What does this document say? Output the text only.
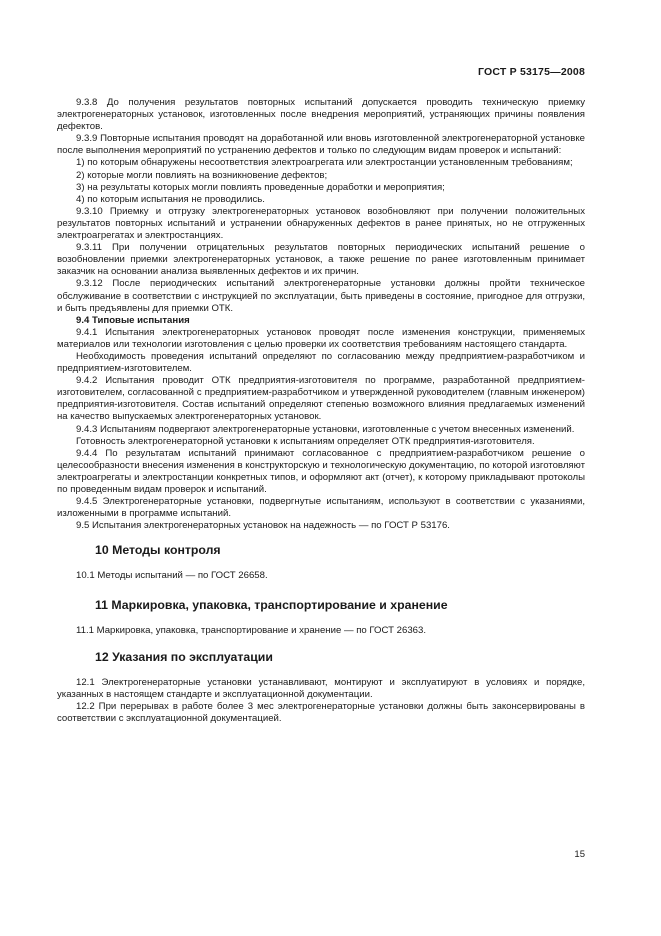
ГОСТ Р 53175—2008

9.3.8 До получения результатов повторных испытаний допускается проводить техническую приемку электрогенераторных установок, изготовленных после внедрения мероприятий, устраняющих причины появления дефектов.

9.3.9 Повторные испытания проводят на доработанной или вновь изготовленной электрогенераторной установке после выполнения мероприятий по устранению дефектов и только по следующим видам проверок и испытаний:

1) по которым обнаружены несоответствия электроагрегата или электростанции установленным требованиям;

2) которые могли повлиять на возникновение дефектов;

3) на результаты которых могли повлиять проведенные доработки и мероприятия;

4) по которым испытания не проводились.

9.3.10 Приемку и отгрузку электрогенераторных установок возобновляют при получении положительных результатов повторных испытаний и устранении обнаруженных дефектов в ранее принятых, но не отгруженных электроагрегатах и электростанциях.

9.3.11 При получении отрицательных результатов повторных периодических испытаний решение о возобновлении приемки электрогенераторных установок, а также решение по ранее изготовленным принимает заказчик на основании анализа выявленных дефектов и их причин.

9.3.12 После периодических испытаний электрогенераторные установки должны пройти техническое обслуживание в соответствии с инструкцией по эксплуатации, быть приведены в состояние, пригодное для отгрузки, и быть предъявлены для приемки ОТК.

9.4 Типовые испытания

9.4.1 Испытания электрогенераторных установок проводят после изменения конструкции, применяемых материалов или технологии изготовления с целью проверки их соответствия требованиям настоящего стандарта.

Необходимость проведения испытаний определяют по согласованию между предприятием-разработчиком и предприятием-изготовителем.

9.4.2 Испытания проводит ОТК предприятия-изготовителя по программе, разработанной предприятием-изготовителем, согласованной с предприятием-разработчиком и утвержденной руководителем (главным инженером) предприятия-изготовителя. Состав испытаний определяют степенью возможного влияния предлагаемых изменений на качество выпускаемых электрогенераторных установок.

9.4.3 Испытаниям подвергают электрогенераторные установки, изготовленные с учетом внесенных изменений.

Готовность электрогенераторной установки к испытаниям определяет ОТК предприятия-изготовителя.

9.4.4 По результатам испытаний принимают согласованное с предприятием-разработчиком решение о целесообразности внесения изменения в конструкторскую и технологическую документацию, по которой изготовляют электроагрегаты и электростанции конкретных типов, и оформляют акт (отчет), к которому прикладывают протоколы по проведенным видам проверок и испытаний.

9.4.5 Электрогенераторные установки, подвергнутые испытаниям, используют в соответствии с указаниями, изложенными в программе испытаний.

9.5 Испытания электрогенераторных установок на надежность — по ГОСТ Р 53176.

10 Методы контроля

10.1 Методы испытаний — по ГОСТ 26658.

11 Маркировка, упаковка, транспортирование и хранение

11.1 Маркировка, упаковка, транспортирование и хранение — по ГОСТ 26363.

12 Указания по эксплуатации

12.1 Электрогенераторные установки устанавливают, монтируют и эксплуатируют в условиях и порядке, указанных в настоящем стандарте и эксплуатационной документации.

12.2 При перерывах в работе более 3 мес электрогенераторные установки должны быть законсервированы в соответствии с эксплуатационной документацией.

15
